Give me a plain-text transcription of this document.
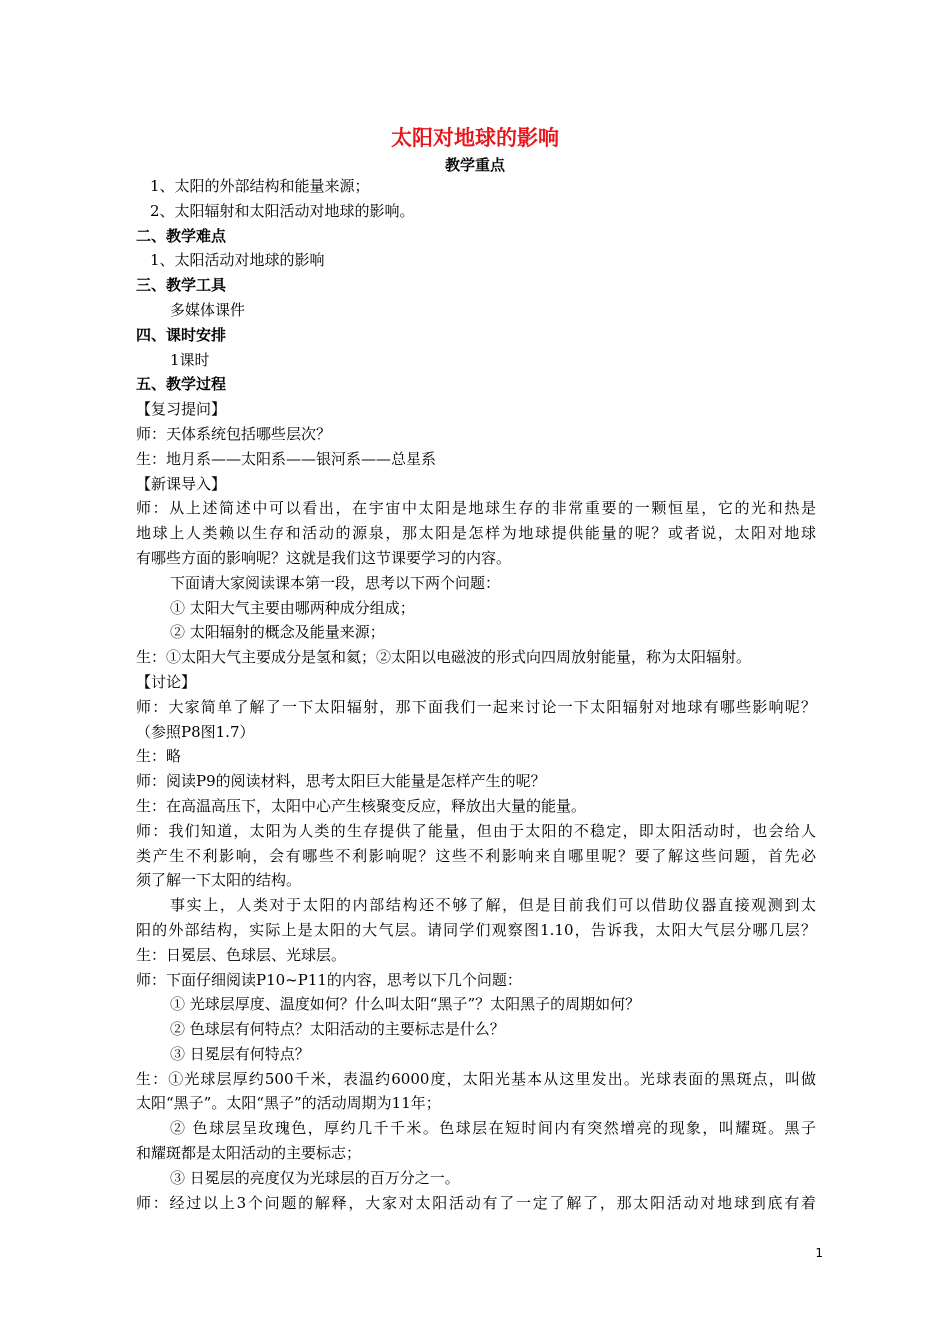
太阳对地球的影响
教学重点
1、太阳的外部结构和能量来源；
2、太阳辐射和太阳活动对地球的影响。
二、教学难点
1、太阳活动对地球的影响
三、教学工具
多媒体课件
四、课时安排
1课时
五、教学过程
【复习提问】
师：天体系统包括哪些层次？
生：地月系——太阳系——银河系——总星系
【新课导入】
师：从上述简述中可以看出，在宇宙中太阳是地球生存的非常重要的一颗恒星，它的光和热是
地球上人类赖以生存和活动的源泉，那太阳是怎样为地球提供能量的呢？或者说，太阳对地球
有哪些方面的影响呢？这就是我们这节课要学习的内容。
下面请大家阅读课本第一段，思考以下两个问题：
① 太阳大气主要由哪两种成分组成；
② 太阳辐射的概念及能量来源；
生：①太阳大气主要成分是氢和氦；②太阳以电磁波的形式向四周放射能量，称为太阳辐射。
【讨论】
师：大家简单了解了一下太阳辐射，那下面我们一起来讨论一下太阳辐射对地球有哪些影响呢？
（参照P8图1.7）
生：略
师：阅读P9的阅读材料，思考太阳巨大能量是怎样产生的呢？
生：在高温高压下，太阳中心产生核聚变反应，释放出大量的能量。
师：我们知道，太阳为人类的生存提供了能量，但由于太阳的不稳定，即太阳活动时，也会给人
类产生不利影响，会有哪些不利影响呢？这些不利影响来自哪里呢？要了解这些问题，首先必
须了解一下太阳的结构。
事实上，人类对于太阳的内部结构还不够了解，但是目前我们可以借助仪器直接观测到太
阳的外部结构，实际上是太阳的大气层。请同学们观察图1.10，告诉我，太阳大气层分哪几层？
生：日冕层、色球层、光球层。
师：下面仔细阅读P10~P11的内容，思考以下几个问题：
① 光球层厚度、温度如何？什么叫太阳“黑子”？太阳黑子的周期如何？
② 色球层有何特点？太阳活动的主要标志是什么？
③ 日冕层有何特点？
生：①光球层厚约500千米，表温约6000度，太阳光基本从这里发出。光球表面的黑斑点，叫做
太阳“黑子”。太阳“黑子”的活动周期为11年；
② 色球层呈玫瑰色，厚约几千千米。色球层在短时间内有突然增亮的现象，叫耀斑。黑子
和耀斑都是太阳活动的主要标志；
③ 日冕层的亮度仅为光球层的百万分之一。
师：经过以上3个问题的解释，大家对太阳活动有了一定了解了，那太阳活动对地球到底有着
1
